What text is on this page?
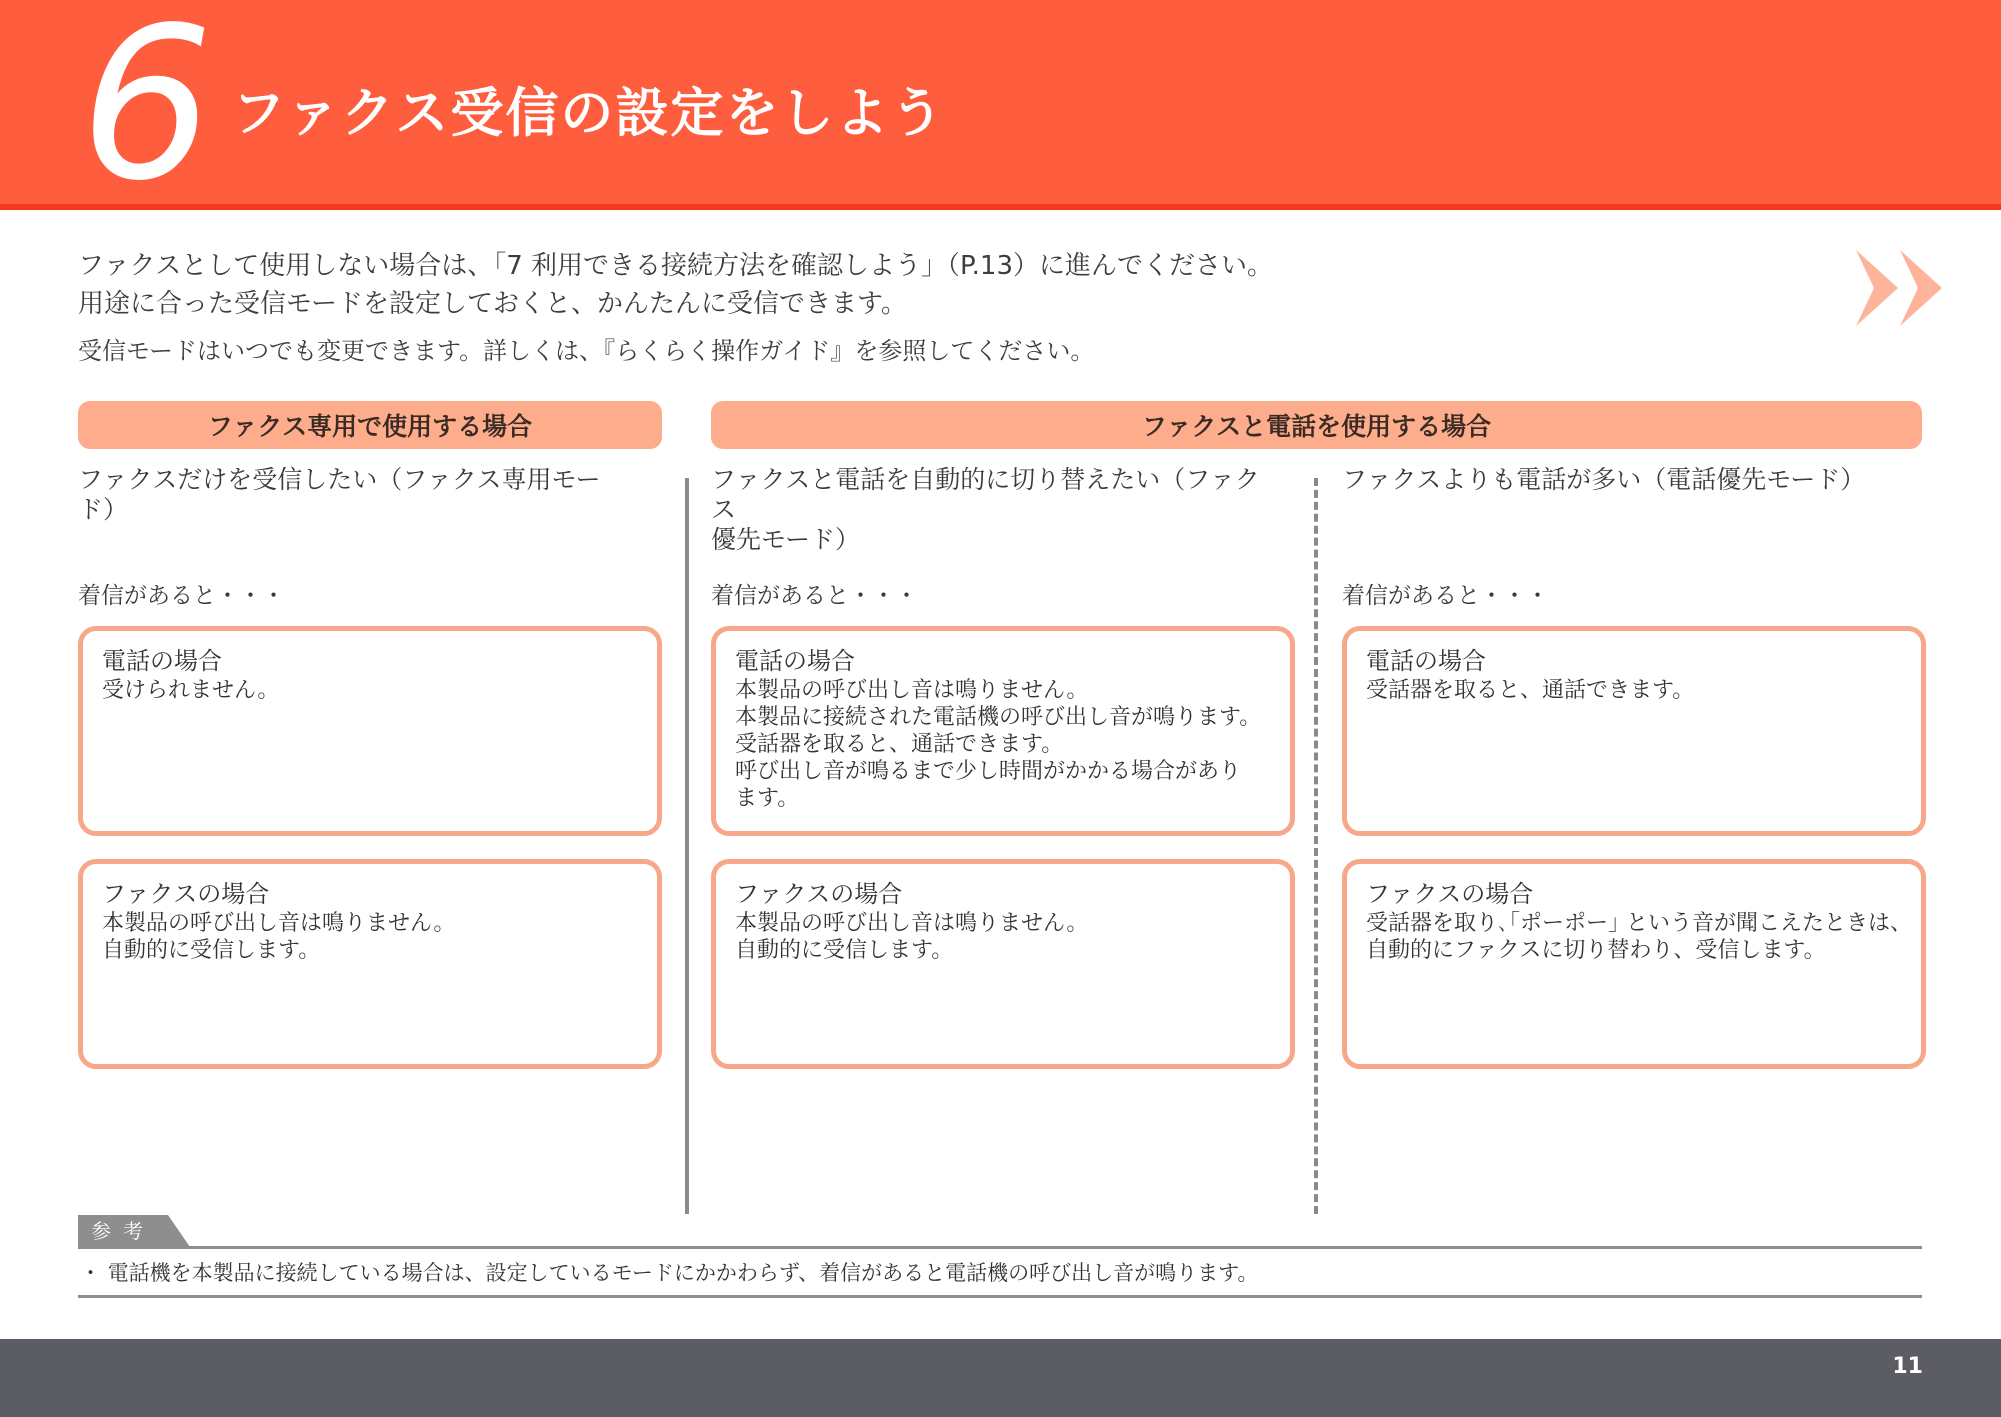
6 ファクス受信の設定をしよう
ファクスとして使用しない場合は、「7 利用できる接続方法を確認しよう」（P.13）に進んでください。
用途に合った受信モードを設定しておくと、かんたんに受信できます。
受信モードはいつでも変更できます。詳しくは、『らくらく操作ガイド』を参照してください。
ファクス専用で使用する場合	ファクスと電話を使用する場合
ファクスだけを受信したい（ファクス専用モード）
着信があると・・・
電話の場合
受けられません。
ファクスの場合
本製品の呼び出し音は鳴りません。
自動的に受信します。
ファクスと電話を自動的に切り替えたい（ファクス
優先モード）
着信があると・・・
電話の場合
本製品の呼び出し音は鳴りません。
本製品に接続された電話機の呼び出し音が鳴ります。
受話器を取ると、通話できます。
呼び出し音が鳴るまで少し時間がかかる場合があり
ます。
ファクスの場合
本製品の呼び出し音は鳴りません。
自動的に受信します。
ファクスよりも電話が多い（電話優先モード）
着信があると・・・
電話の場合
受話器を取ると、通話できます。
ファクスの場合
受話器を取り､｢ポーポー｣ という音が聞こえたときは、
自動的にファクスに切り替わり、受信します。
参考
・ 電話機を本製品に接続している場合は、設定しているモードにかかわらず、着信があると電話機の呼び出し音が鳴ります。
11
